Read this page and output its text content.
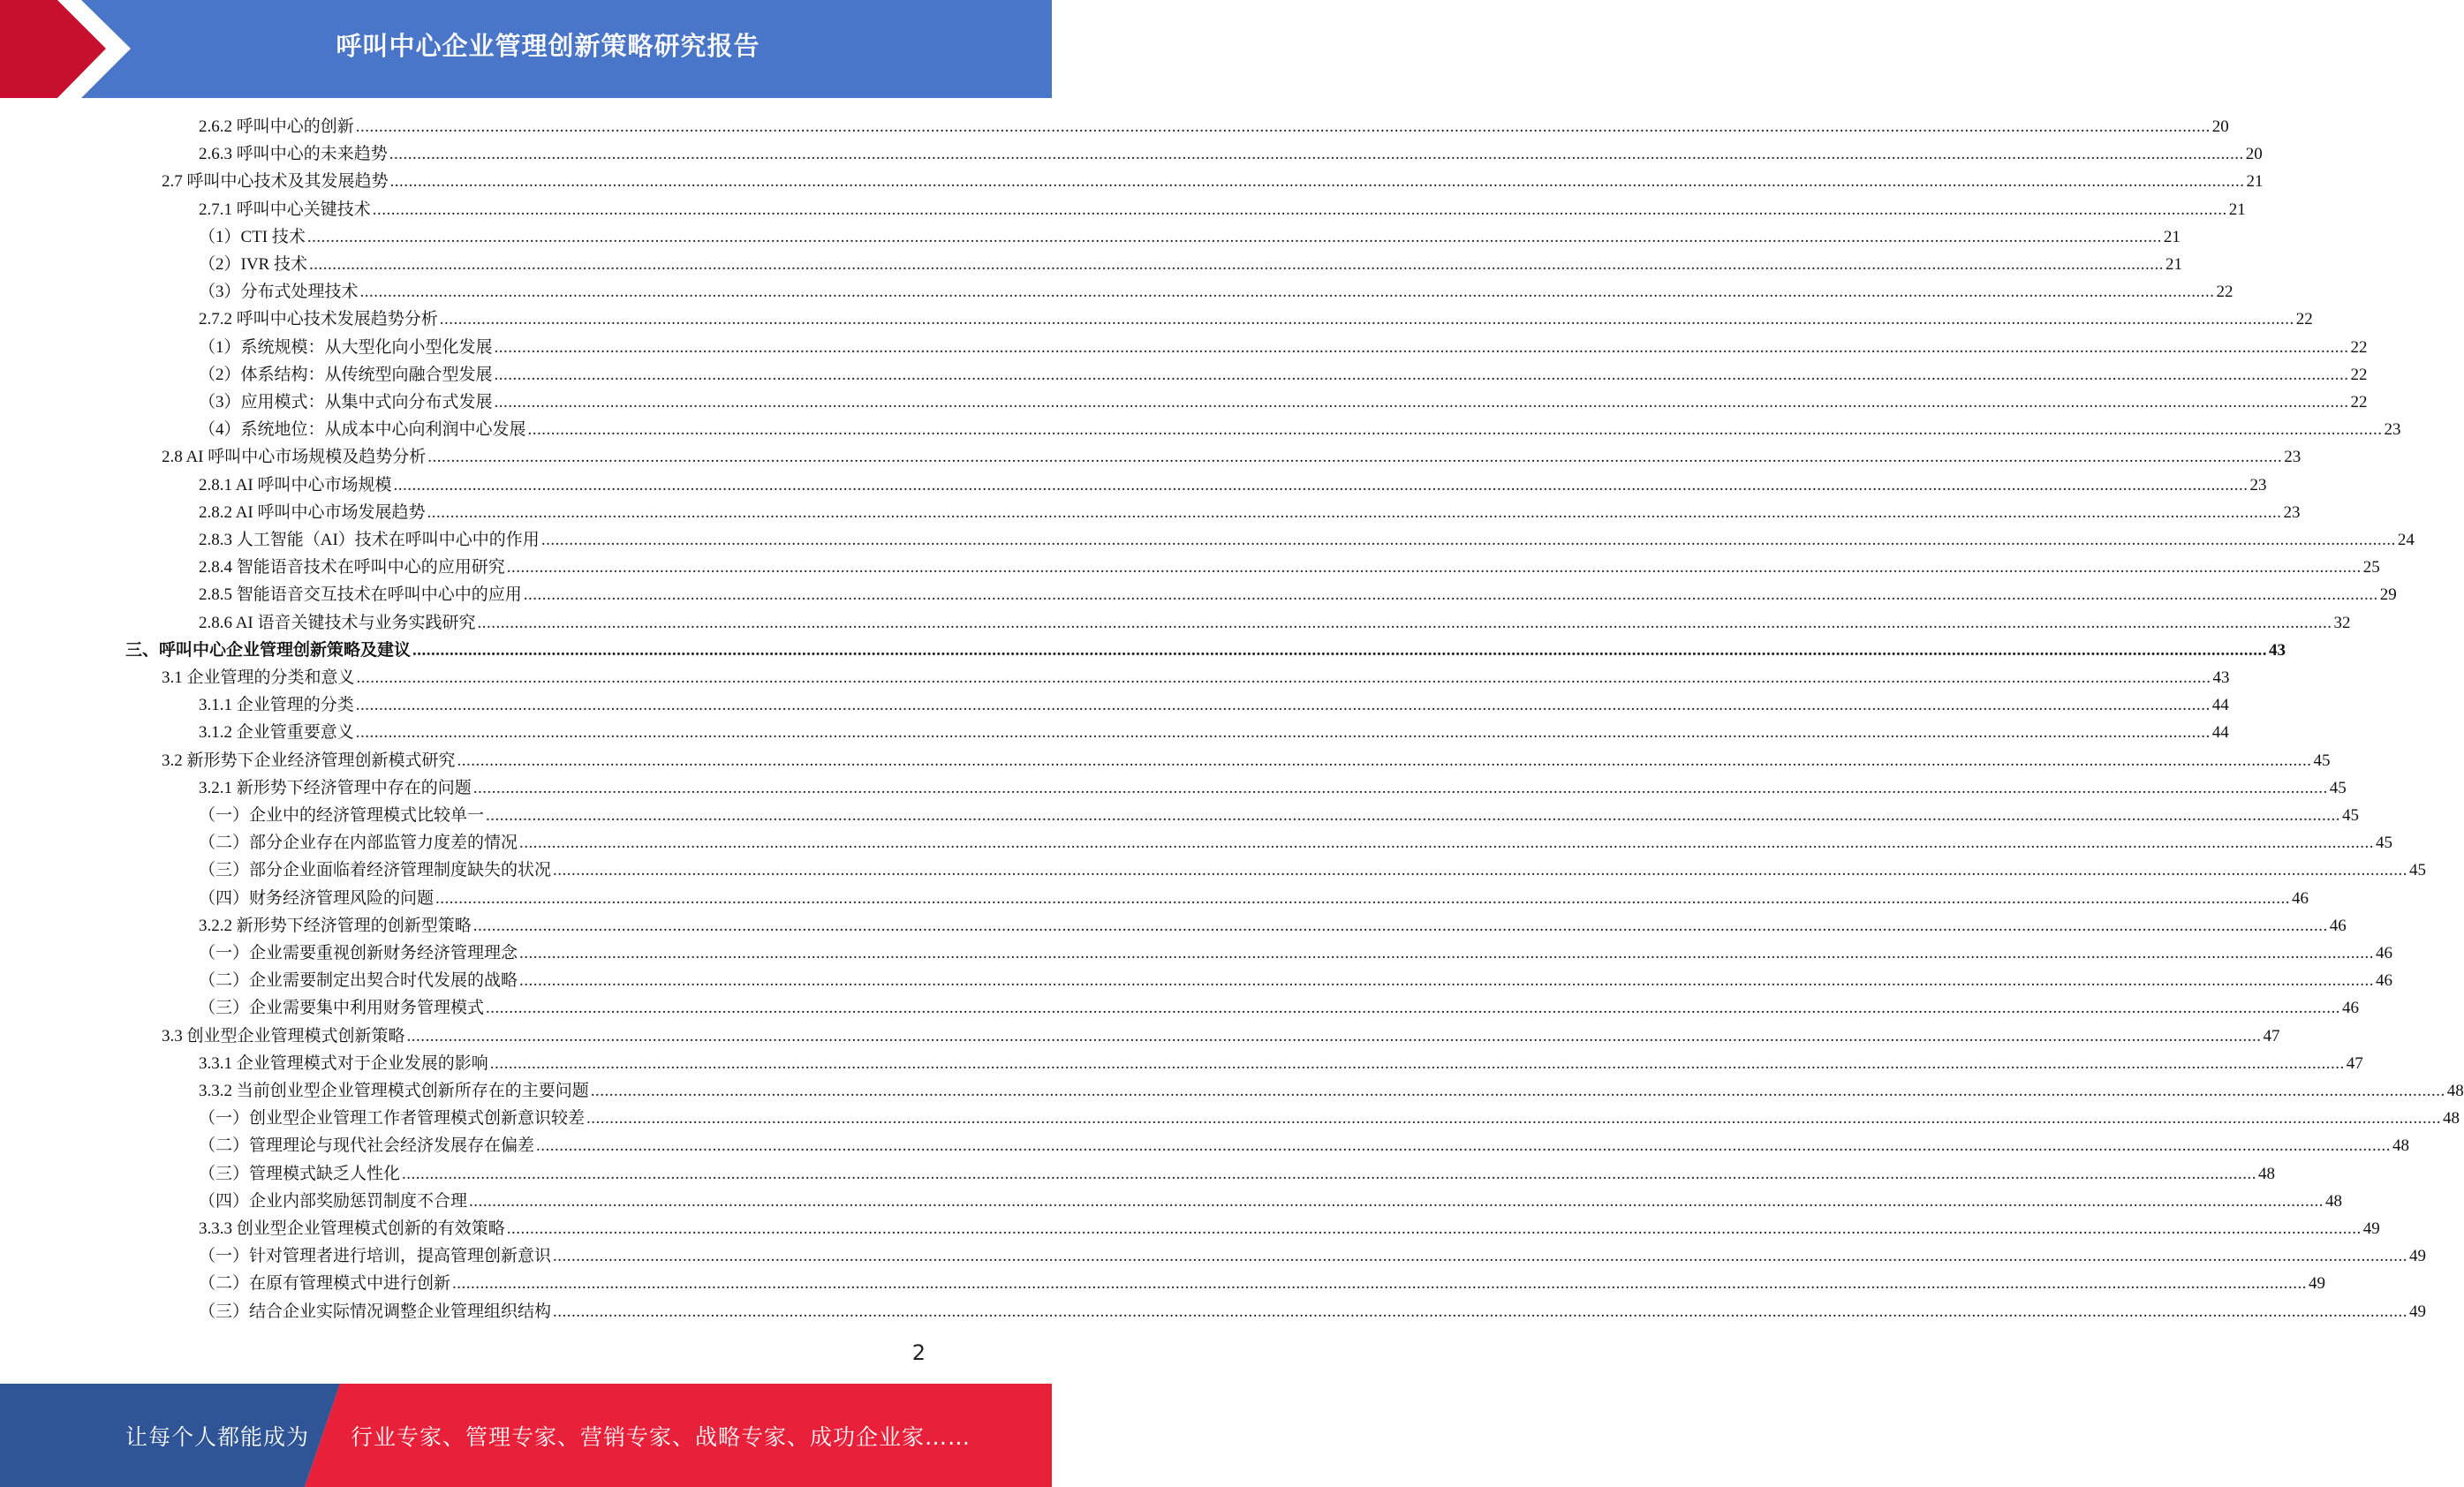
呼叫中心企业管理创新策略研究报告
2.6.2 呼叫中心的创新 ................................................................................................................................................................................................................................................................................................................................................................................................................ 20
2.6.3 呼叫中心的未来趋势 ................................................................................................................................................................................................................................................................................................................................................................................................................ 20
2.7 呼叫中心技术及其发展趋势 ................................................................................................................................................................................................................................................................................................................................................................................................................ 21
2.7.1 呼叫中心关键技术 ................................................................................................................................................................................................................................................................................................................................................................................................................ 21
（1）CTI 技术 ................................................................................................................................................................................................................................................................................................................................................................................................................ 21
（2）IVR 技术 ................................................................................................................................................................................................................................................................................................................................................................................................................ 21
（3）分布式处理技术 ................................................................................................................................................................................................................................................................................................................................................................................................................ 22
2.7.2 呼叫中心技术发展趋势分析 ................................................................................................................................................................................................................................................................................................................................................................................................................ 22
（1）系统规模：从大型化向小型化发展 ................................................................................................................................................................................................................................................................................................................................................................................................................ 22
（2）体系结构：从传统型向融合型发展 ................................................................................................................................................................................................................................................................................................................................................................................................................ 22
（3）应用模式：从集中式向分布式发展 ................................................................................................................................................................................................................................................................................................................................................................................................................ 22
（4）系统地位：从成本中心向利润中心发展 ................................................................................................................................................................................................................................................................................................................................................................................................................ 23
2.8 AI 呼叫中心市场规模及趋势分析 ................................................................................................................................................................................................................................................................................................................................................................................................................ 23
2.8.1 AI 呼叫中心市场规模 ................................................................................................................................................................................................................................................................................................................................................................................................................ 23
2.8.2 AI 呼叫中心市场发展趋势 ................................................................................................................................................................................................................................................................................................................................................................................................................ 23
2.8.3 人工智能（AI）技术在呼叫中心中的作用 ................................................................................................................................................................................................................................................................................................................................................................................................................ 24
2.8.4 智能语音技术在呼叫中心的应用研究 ................................................................................................................................................................................................................................................................................................................................................................................................................ 25
2.8.5 智能语音交互技术在呼叫中心中的应用 ................................................................................................................................................................................................................................................................................................................................................................................................................ 29
2.8.6 AI 语音关键技术与业务实践研究 ................................................................................................................................................................................................................................................................................................................................................................................................................ 32
三、呼叫中心企业管理创新策略及建议 ................................................................................................................................................................................................................................................................................................................................................................................................................ 43
3.1 企业管理的分类和意义 ................................................................................................................................................................................................................................................................................................................................................................................................................ 43
3.1.1 企业管理的分类 ................................................................................................................................................................................................................................................................................................................................................................................................................ 44
3.1.2 企业管重要意义 ................................................................................................................................................................................................................................................................................................................................................................................................................ 44
3.2 新形势下企业经济管理创新模式研究 ................................................................................................................................................................................................................................................................................................................................................................................................................ 45
3.2.1 新形势下经济管理中存在的问题 ................................................................................................................................................................................................................................................................................................................................................................................................................ 45
（一）企业中的经济管理模式比较单一 ................................................................................................................................................................................................................................................................................................................................................................................................................ 45
（二）部分企业存在内部监管力度差的情况 ................................................................................................................................................................................................................................................................................................................................................................................................................ 45
（三）部分企业面临着经济管理制度缺失的状况 ................................................................................................................................................................................................................................................................................................................................................................................................................ 45
（四）财务经济管理风险的问题 ................................................................................................................................................................................................................................................................................................................................................................................................................ 46
3.2.2 新形势下经济管理的创新型策略 ................................................................................................................................................................................................................................................................................................................................................................................................................ 46
（一）企业需要重视创新财务经济管理理念 ................................................................................................................................................................................................................................................................................................................................................................................................................ 46
（二）企业需要制定出契合时代发展的战略 ................................................................................................................................................................................................................................................................................................................................................................................................................ 46
（三）企业需要集中利用财务管理模式 ................................................................................................................................................................................................................................................................................................................................................................................................................ 46
3.3 创业型企业管理模式创新策略 ................................................................................................................................................................................................................................................................................................................................................................................................................ 47
3.3.1 企业管理模式对于企业发展的影响 ................................................................................................................................................................................................................................................................................................................................................................................................................ 47
3.3.2 当前创业型企业管理模式创新所存在的主要问题 ................................................................................................................................................................................................................................................................................................................................................................................................................ 48
（一）创业型企业管理工作者管理模式创新意识较差 ................................................................................................................................................................................................................................................................................................................................................................................................................ 48
（二）管理理论与现代社会经济发展存在偏差 ................................................................................................................................................................................................................................................................................................................................................................................................................ 48
（三）管理模式缺乏人性化 ................................................................................................................................................................................................................................................................................................................................................................................................................ 48
（四）企业内部奖励惩罚制度不合理 ................................................................................................................................................................................................................................................................................................................................................................................................................ 48
3.3.3 创业型企业管理模式创新的有效策略 ................................................................................................................................................................................................................................................................................................................................................................................................................ 49
（一）针对管理者进行培训，提高管理创新意识 ................................................................................................................................................................................................................................................................................................................................................................................................................ 49
（二）在原有管理模式中进行创新 ................................................................................................................................................................................................................................................................................................................................................................................................................ 49
（三）结合企业实际情况调整企业管理组织结构 ................................................................................................................................................................................................................................................................................................................................................................................................................ 49
2
让每个人都能成为 行业专家、管理专家、营销专家、战略专家、成功企业家……
